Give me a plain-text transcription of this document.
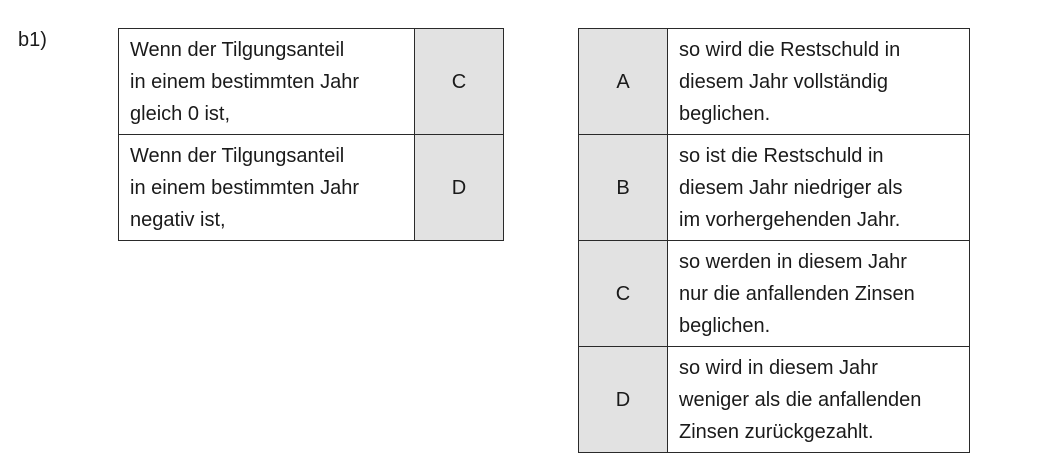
b1)	Wenn der Tilgungsanteil
in einem bestimmten Jahr
gleich 0 ist,	C
Wenn der Tilgungsanteil
in einem bestimmten Jahr
negativ ist,	D
A	so wird die Restschuld in
diesem Jahr vollständig
beglichen.
B	so ist die Restschuld in
diesem Jahr niedriger als
im vorhergehenden Jahr.
C	so werden in diesem Jahr
nur die anfallenden Zinsen
beglichen.
D	so wird in diesem Jahr
weniger als die anfallenden
Zinsen zurückgezahlt.
